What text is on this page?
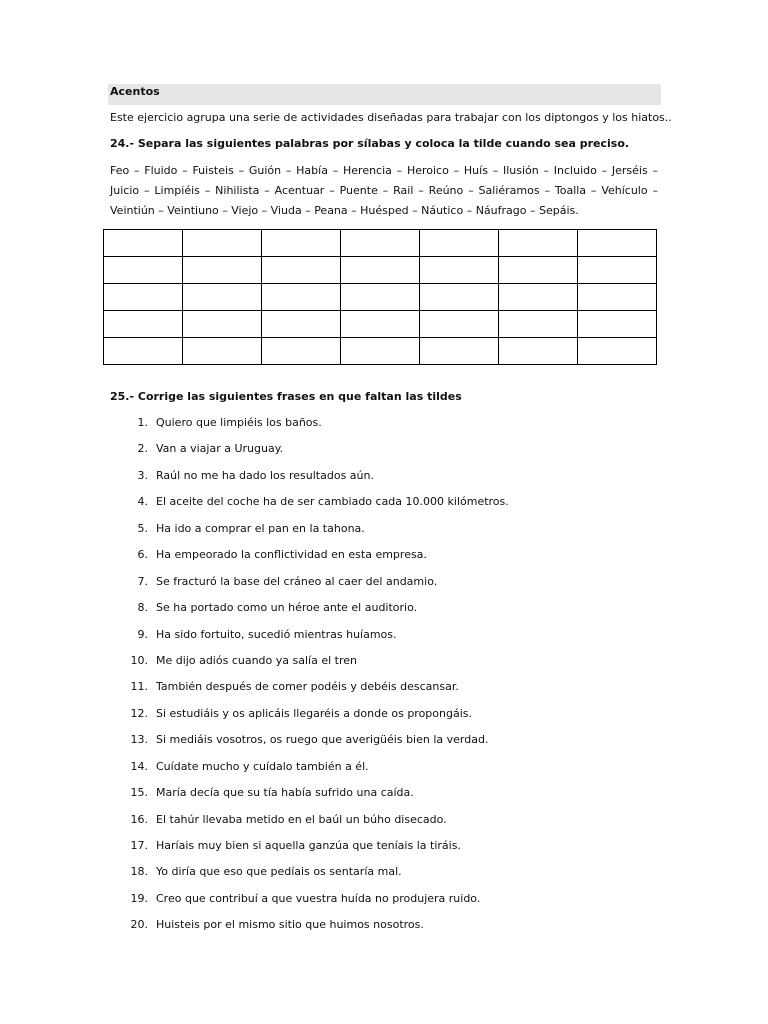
Acentos
Este ejercicio agrupa una serie de actividades diseñadas para trabajar con los diptongos y los hiatos..
24.- Separa las siguientes palabras por sílabas y coloca la tilde cuando sea preciso.
Feo – Fluido – Fuisteis – Guión – Había – Herencia – Heroico – Huís – Ilusión – Incluido – Jerséis – Juicio – Limpiéis – Nihilista – Acentuar – Puente – Rail – Reúno – Saliéramos – Toalla – Vehículo – Veintiún – Veintiuno – Viejo – Viuda – Peana – Huésped – Náutico – Náufrago – Sepáis.

25.- Corrige las siguientes frases en que faltan las tildes
1. Quiero que limpiéis los baños.
2. Van a viajar a Uruguay.
3. Raúl no me ha dado los resultados aún.
4. El aceite del coche ha de ser cambiado cada 10.000 kilómetros.
5. Ha ido a comprar el pan en la tahona.
6. Ha empeorado la conflictividad en esta empresa.
7. Se fracturó la base del cráneo al caer del andamio.
8. Se ha portado como un héroe ante el auditorio.
9. Ha sido fortuito, sucedió mientras huíamos.
10. Me dijo adiós cuando ya salía el tren
11. También después de comer podéis y debéis descansar.
12. Si estudiáis y os aplicáis llegaréis a donde os propongáis.
13. Si mediáis vosotros, os ruego que averigüéis bien la verdad.
14. Cuídate mucho y cuídalo también a él.
15. María decía que su tía había sufrido una caída.
16. El tahúr llevaba metido en el baúl un búho disecado.
17. Haríais muy bien si aquella ganzúa que teníais la tiráis.
18. Yo diría que eso que pedíais os sentaría mal.
19. Creo que contribuí a que vuestra huída no produjera ruido.
20. Huisteis por el mismo sitio que huimos nosotros.
